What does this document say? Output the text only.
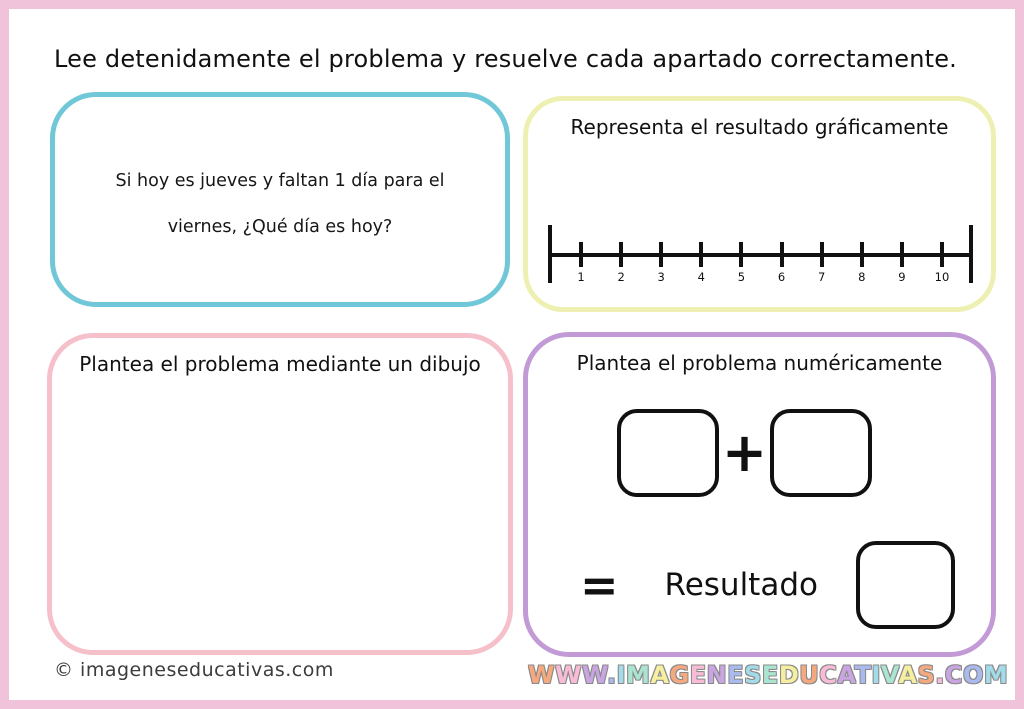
Lee detenidamente el problema y resuelve cada apartado correctamente.
Si hoy es jueves y faltan 1 día para el
viernes, ¿Qué día es hoy?
Representa el resultado gráficamente
1	2	3	4	5	6	7	8	9	10
Plantea el problema mediante un dibujo	Plantea el problema numéricamente
+
= Resultado
© imageneseducativas.com	WWW.IMAGENESEDUCATIVAS.COM
